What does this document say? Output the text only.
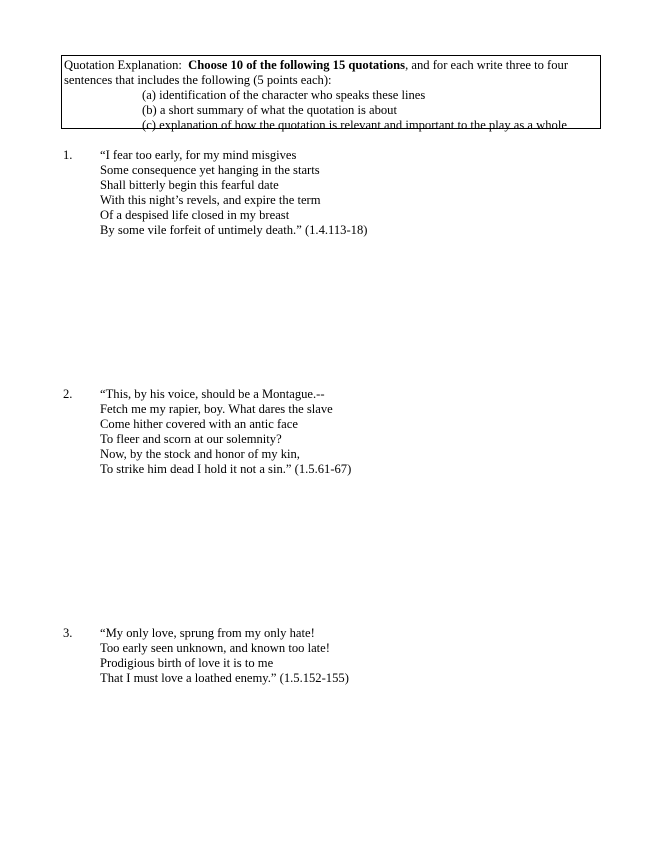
Quotation Explanation: Choose 10 of the following 15 quotations, and for each write three to four sentences that includes the following (5 points each):

(a) identification of the character who speaks these lines
(b) a short summary of what the quotation is about
(c) explanation of how the quotation is relevant and important to the play as a whole
1. “I fear too early, for my mind misgives
Some consequence yet hanging in the starts
Shall bitterly begin this fearful date
With this night’s revels, and expire the term
Of a despised life closed in my breast
By some vile forfeit of untimely death.” (1.4.113-18)
2. “This, by his voice, should be a Montague.--
Fetch me my rapier, boy. What dares the slave
Come hither covered with an antic face
To fleer and scorn at our solemnity?
Now, by the stock and honor of my kin,
To strike him dead I hold it not a sin.” (1.5.61-67)
3. “My only love, sprung from my only hate!
Too early seen unknown, and known too late!
Prodigious birth of love it is to me
That I must love a loathed enemy.” (1.5.152-155)
